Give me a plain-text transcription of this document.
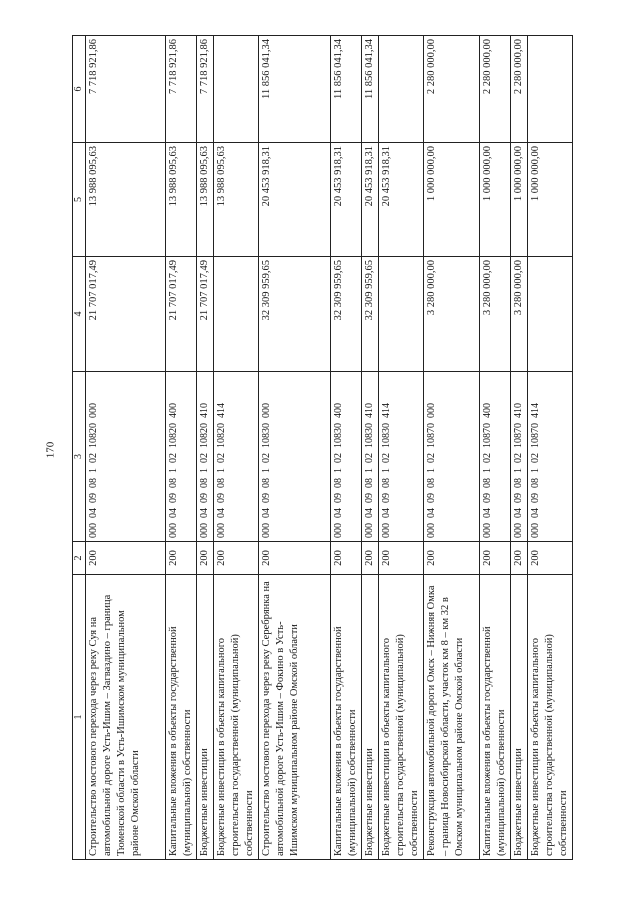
170
1	2	3	4	5	6
Строительство мостового перехода через реку Суя на автомобильной дороге Усть-Ишим – Загваздино – граница Тюменской области в Усть-Ишимском муниципальном районе Омской области	200	000  04  09  08  1  02  10820  000	21 707 017,49	13 988 095,63	7 718 921,86
Капитальные вложения в объекты государственной (муниципальной) собственности	200	000  04  09  08  1  02  10820  400	21 707 017,49	13 988 095,63	7 718 921,86
Бюджетные инвестиции	200	000  04  09  08  1  02  10820  410	21 707 017,49	13 988 095,63	7 718 921,86
Бюджетные инвестиции в объекты капитального строительства государственной (муниципальной) собственности	200	000  04  09  08  1  02  10820  414		13 988 095,63	
Строительство мостового перехода через реку Серебрянка на автомобильной дороге Усть-Ишим – Фокино в Усть-Ишимском муниципальном районе Омской области	200	000  04  09  08  1  02  10830  000	32 309 959,65	20 453 918,31	11 856 041,34
Капитальные вложения в объекты государственной (муниципальной) собственности	200	000  04  09  08  1  02  10830  400	32 309 959,65	20 453 918,31	11 856 041,34
Бюджетные инвестиции	200	000  04  09  08  1  02  10830  410	32 309 959,65	20 453 918,31	11 856 041,34
Бюджетные инвестиции в объекты капитального строительства государственной (муниципальной) собственности	200	000  04  09  08  1  02  10830  414		20 453 918,31	
Реконструкция автомобильной дороги Омск – Нижняя Омка – граница Новосибирской области, участок км 8 – км 32 в Омском муниципальном районе Омской области	200	000  04  09  08  1  02  10870  000	3 280 000,00	1 000 000,00	2 280 000,00
Капитальные вложения в объекты государственной (муниципальной) собственности	200	000  04  09  08  1  02  10870  400	3 280 000,00	1 000 000,00	2 280 000,00
Бюджетные инвестиции	200	000  04  09  08  1  02  10870  410	3 280 000,00	1 000 000,00	2 280 000,00
Бюджетные инвестиции в объекты капитального строительства государственной (муниципальной) собственности	200	000  04  09  08  1  02  10870  414		1 000 000,00	
